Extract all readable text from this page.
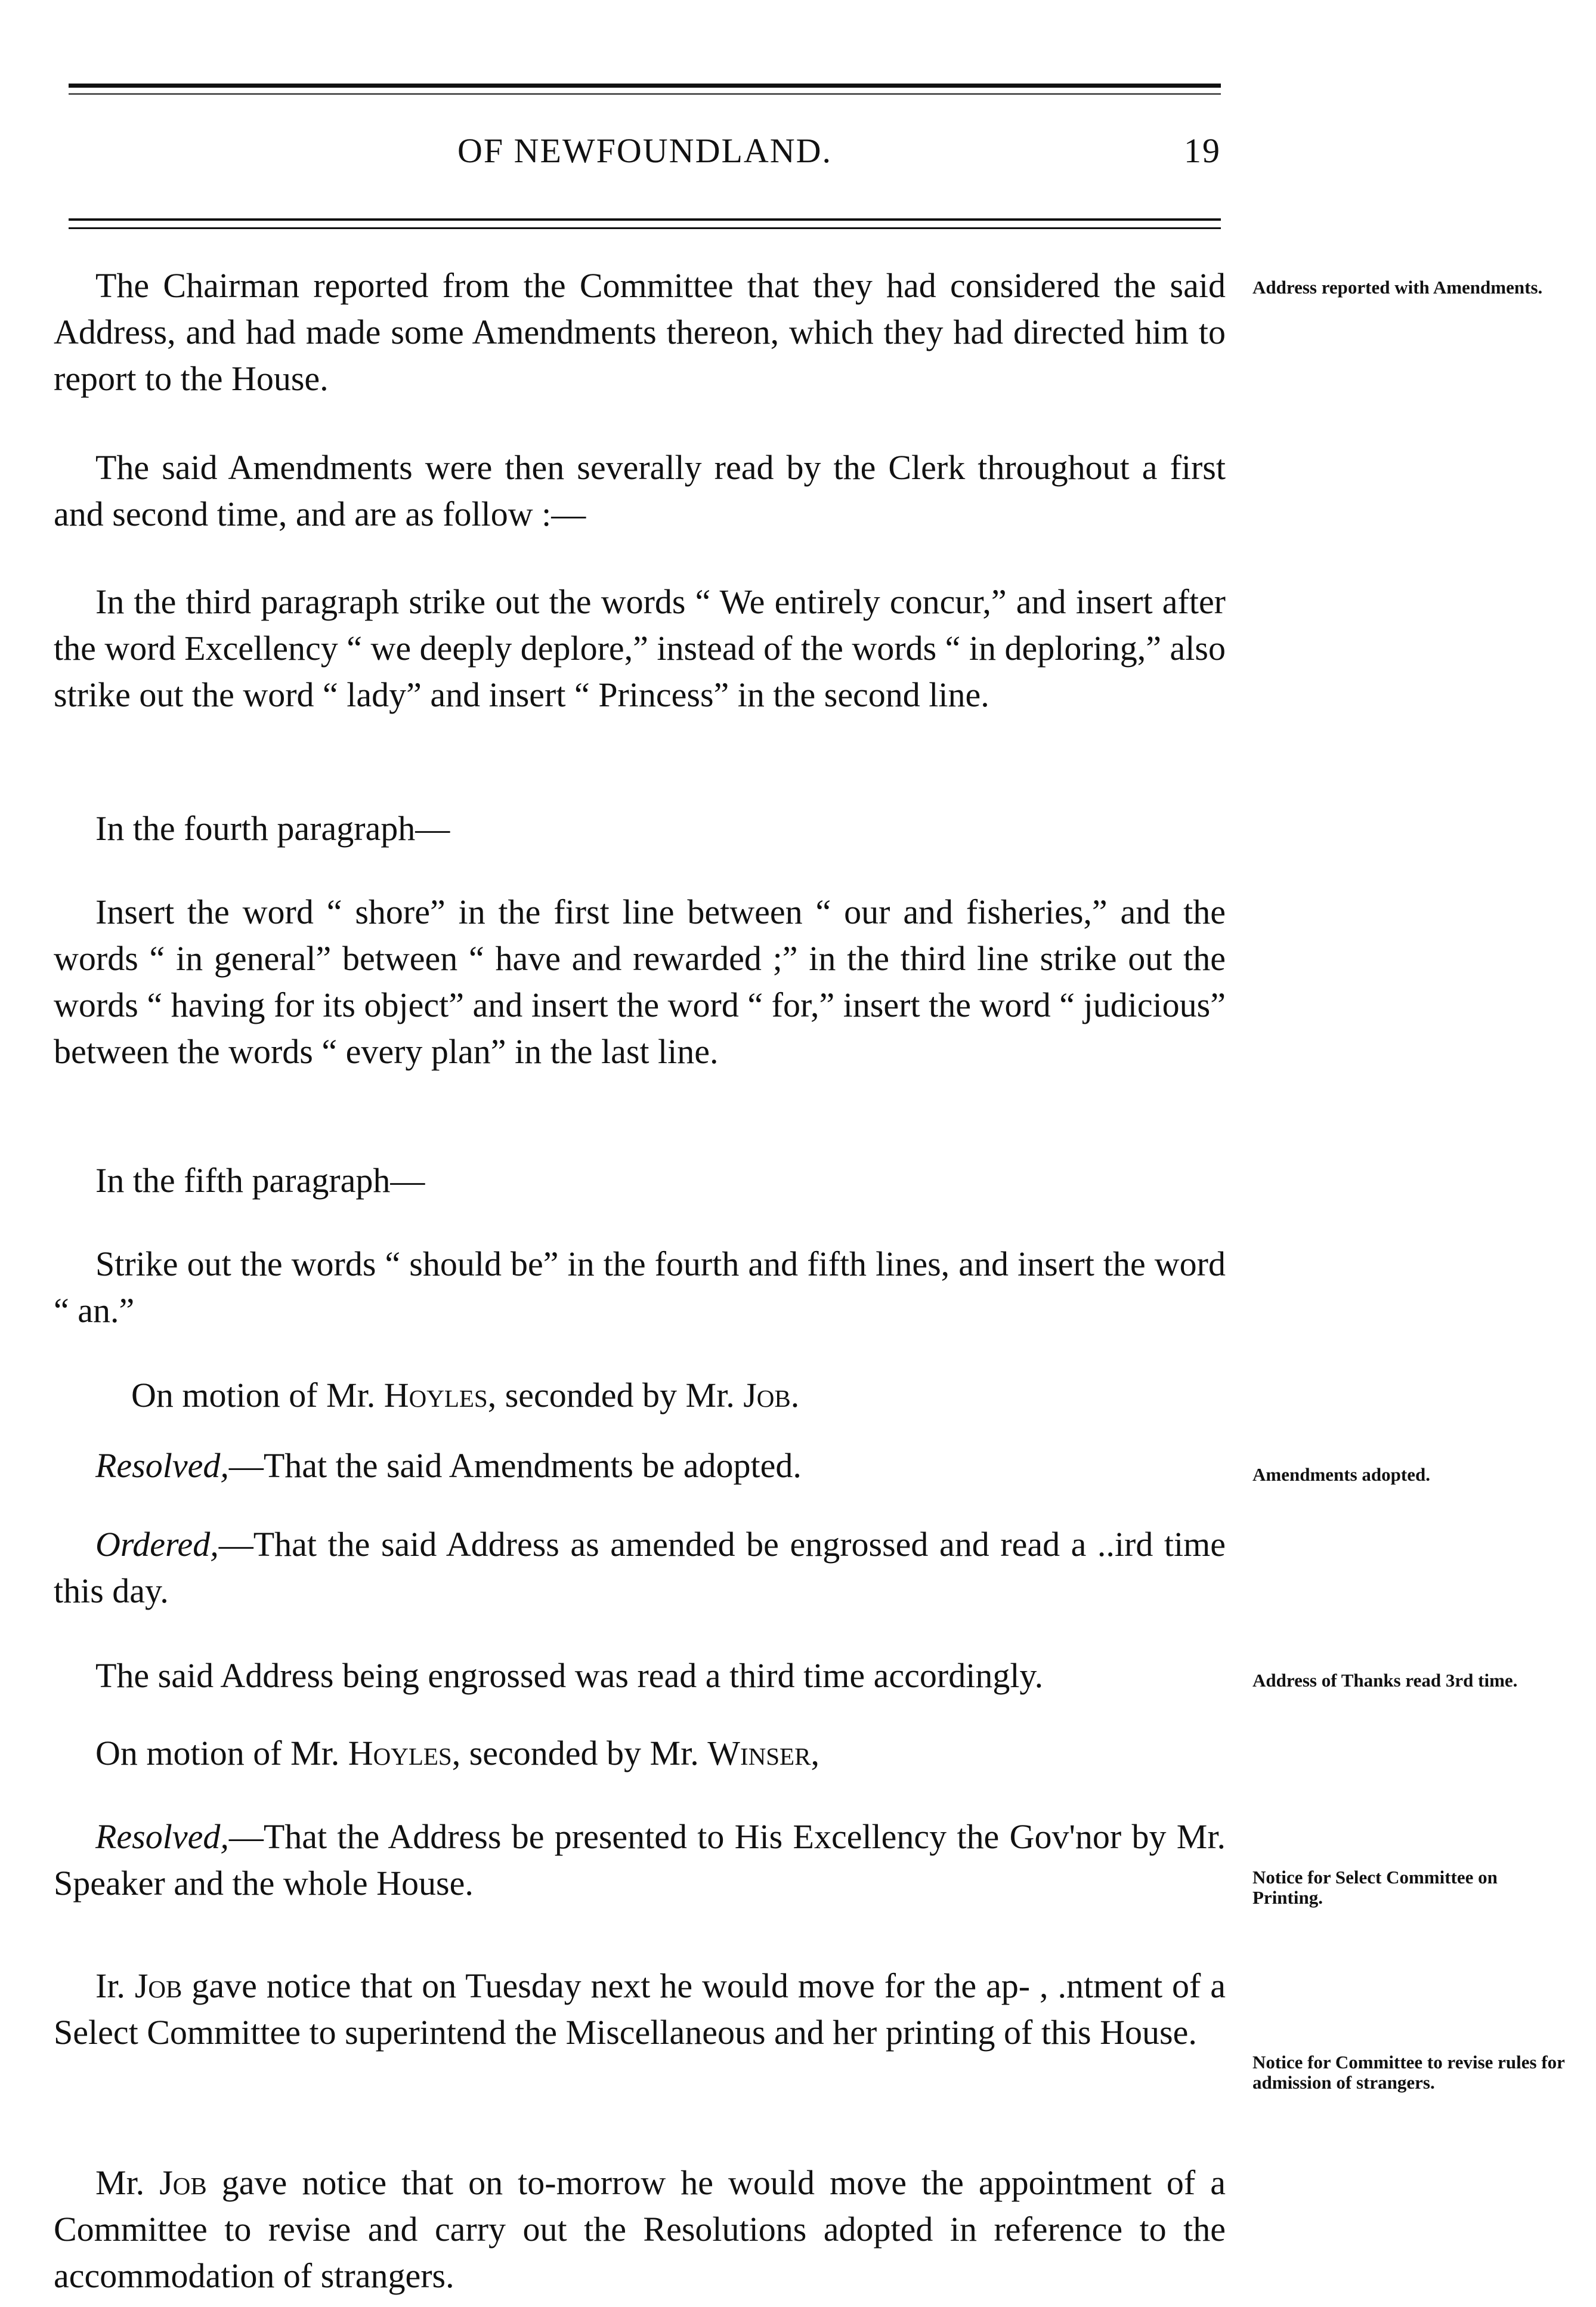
OF NEWFOUNDLAND.	19

The Chairman reported from the Committee that they had considered the said Address, and had made some Amendments thereon, which they had directed him to report to the House.

The said Amendments were then severally read by the Clerk throughout a first and second time, and are as follow :—

In the third paragraph strike out the words “ We entirely concur,” and insert after the word Excellency “ we deeply deplore,” instead of the words “ in deploring,” also strike out the word “ lady” and insert “ Princess” in the second line.

In the fourth paragraph—

Insert the word “ shore” in the first line between “ our and fisheries,” and the words “ in general” between “ have and rewarded ;” in the third line strike out the words “ having for its object” and insert the word “ for,” insert the word “ judicious” between the words “ every plan” in the last line.

In the fifth paragraph—

Strike out the words “ should be” in the fourth and fifth lines, and insert the word “ an.”

On motion of Mr. Hoyles, seconded by Mr. Job.

Resolved,—That the said Amendments be adopted.

Ordered,—That the said Address as amended be engrossed and read a ..ird time this day.

The said Address being engrossed was read a third time accordingly.

On motion of Mr. Hoyles, seconded by Mr. Winser,

Resolved,—That the Address be presented to His Excellency the Gov'nor by Mr. Speaker and the whole House.

Ir. Job gave notice that on Tuesday next he would move for the ap- , .ntment of a Select Committee to superintend the Miscellaneous and her printing of this House.

Mr. Job gave notice that on to-morrow he would move the appointment of a Committee to revise and carry out the Resolutions adopted in reference to the accommodation of strangers.

Address reported with Amendments.
Amendments adopted.
Address of Thanks read 3rd time.
Notice for Select Committee on Printing.
Notice for Committee to revise rules for admission of strangers.
